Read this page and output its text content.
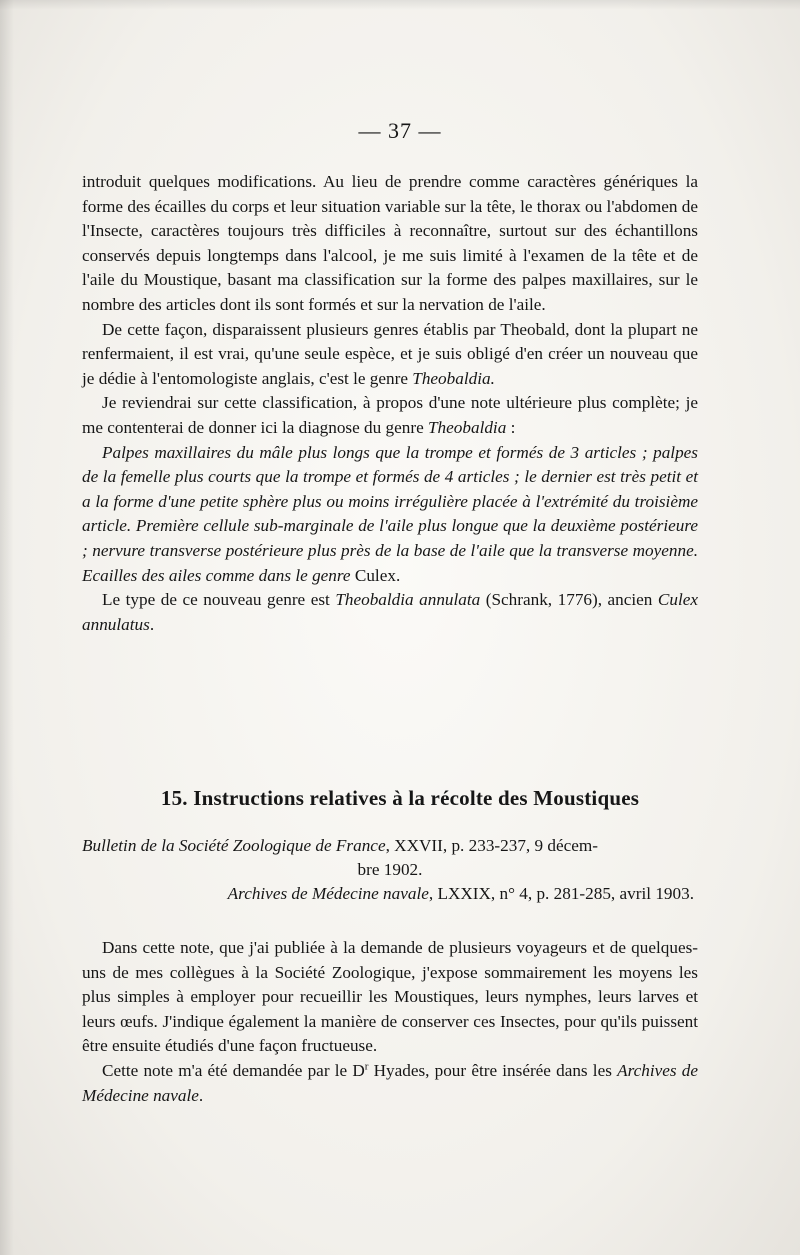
— 37 —

introduit quelques modifications. Au lieu de prendre comme caractères génériques la forme des écailles du corps et leur situation variable sur la tête, le thorax ou l'abdomen de l'Insecte, caractères toujours très difficiles à reconnaître, surtout sur des échantillons conservés depuis longtemps dans l'alcool, je me suis limité à l'examen de la tête et de l'aile du Moustique, basant ma classification sur la forme des palpes maxillaires, sur le nombre des articles dont ils sont formés et sur la nervation de l'aile.

De cette façon, disparaissent plusieurs genres établis par Theobald, dont la plupart ne renfermaient, il est vrai, qu'une seule espèce, et je suis obligé d'en créer un nouveau que je dédie à l'entomologiste anglais, c'est le genre Theobaldia.

Je reviendrai sur cette classification, à propos d'une note ultérieure plus complète; je me contenterai de donner ici la diagnose du genre Theobaldia :

Palpes maxillaires du mâle plus longs que la trompe et formés de 3 articles ; palpes de la femelle plus courts que la trompe et formés de 4 articles ; le dernier est très petit et a la forme d'une petite sphère plus ou moins irrégulière placée à l'extrémité du troisième article. Première cellule sub-marginale de l'aile plus longue que la deuxième postérieure ; nervure transverse postérieure plus près de la base de l'aile que la transverse moyenne. Ecailles des ailes comme dans le genre Culex.

Le type de ce nouveau genre est Theobaldia annulata (Schrank, 1776), ancien Culex annulatus.

15. Instructions relatives à la récolte des Moustiques
Bulletin de la Société Zoologique de France, XXVII, p. 233-237, 9 décem-
bre 1902.
Archives de Médecine navale, LXXIX, n° 4, p. 281-285, avril 1903.

Dans cette note, que j'ai publiée à la demande de plusieurs voyageurs et de quelques-uns de mes collègues à la Société Zoologique, j'expose sommairement les moyens les plus simples à employer pour recueillir les Moustiques, leurs nymphes, leurs larves et leurs œufs. J'indique également la manière de conserver ces Insectes, pour qu'ils puissent être ensuite étudiés d'une façon fructueuse.

Cette note m'a été demandée par le $D^r$ Hyades, pour être insérée dans les Archives de Médecine navale.
